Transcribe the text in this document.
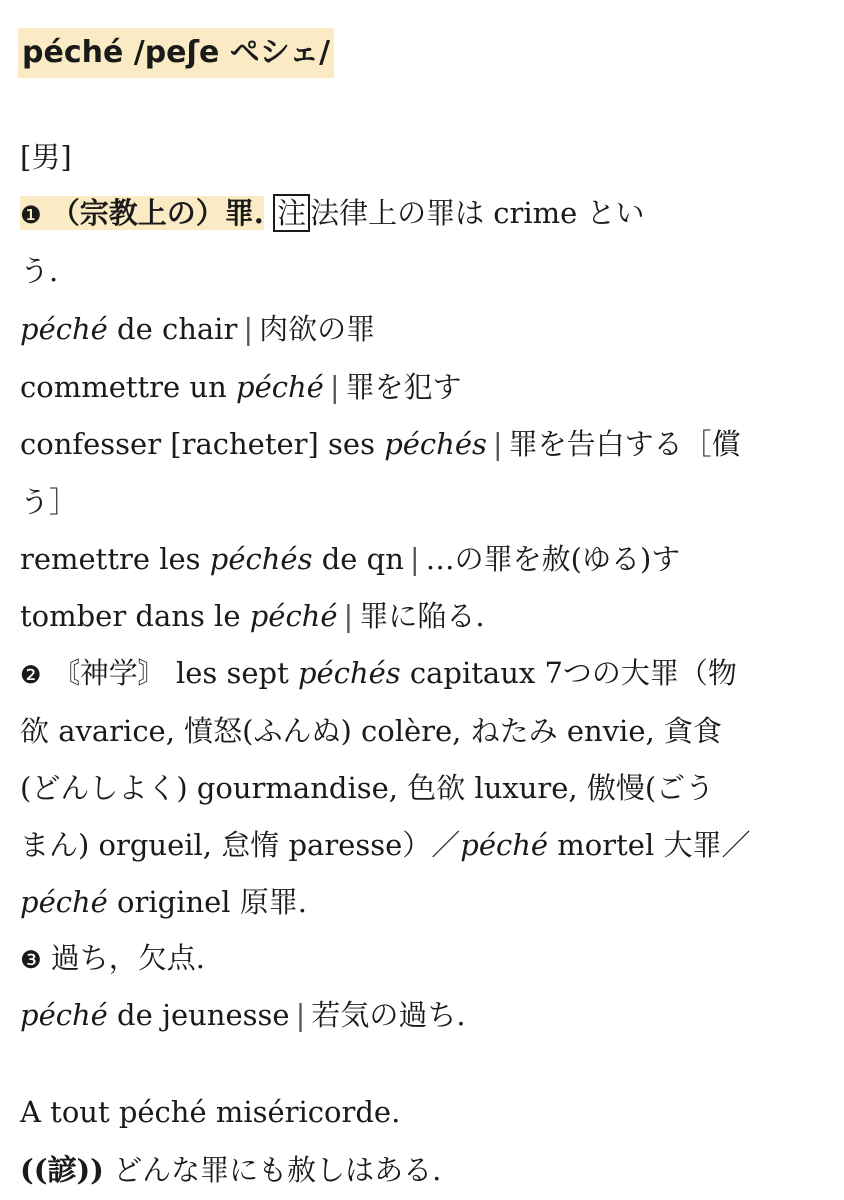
péché /peʃe ペシェ/
[男]
❶ （宗教上の）罪. 注 法律上の罪は crime とい
う.
péché de chair | 肉欲の罪
commettre un péché | 罪を犯す
confesser [racheter] ses péchés | 罪を告白する［償
う］
remettre les péchés de qn | …の罪を赦(ゆる)す
tomber dans le péché | 罪に陥る.
❷ 〘神学〙 les sept péchés capitaux 7つの大罪（物
欲 avarice, 憤怒(ふんぬ) colère, ねたみ envie, 貪食
(どんしよく) gourmandise, 色欲 luxure, 傲慢(ごう
まん) orgueil, 怠惰 paresse）／péché mortel 大罪／
péché originel 原罪.
❸ 過ち，欠点.
péché de jeunesse | 若気の過ち.
A tout péché miséricorde.
((諺)) どんな罪にも赦しはある.
